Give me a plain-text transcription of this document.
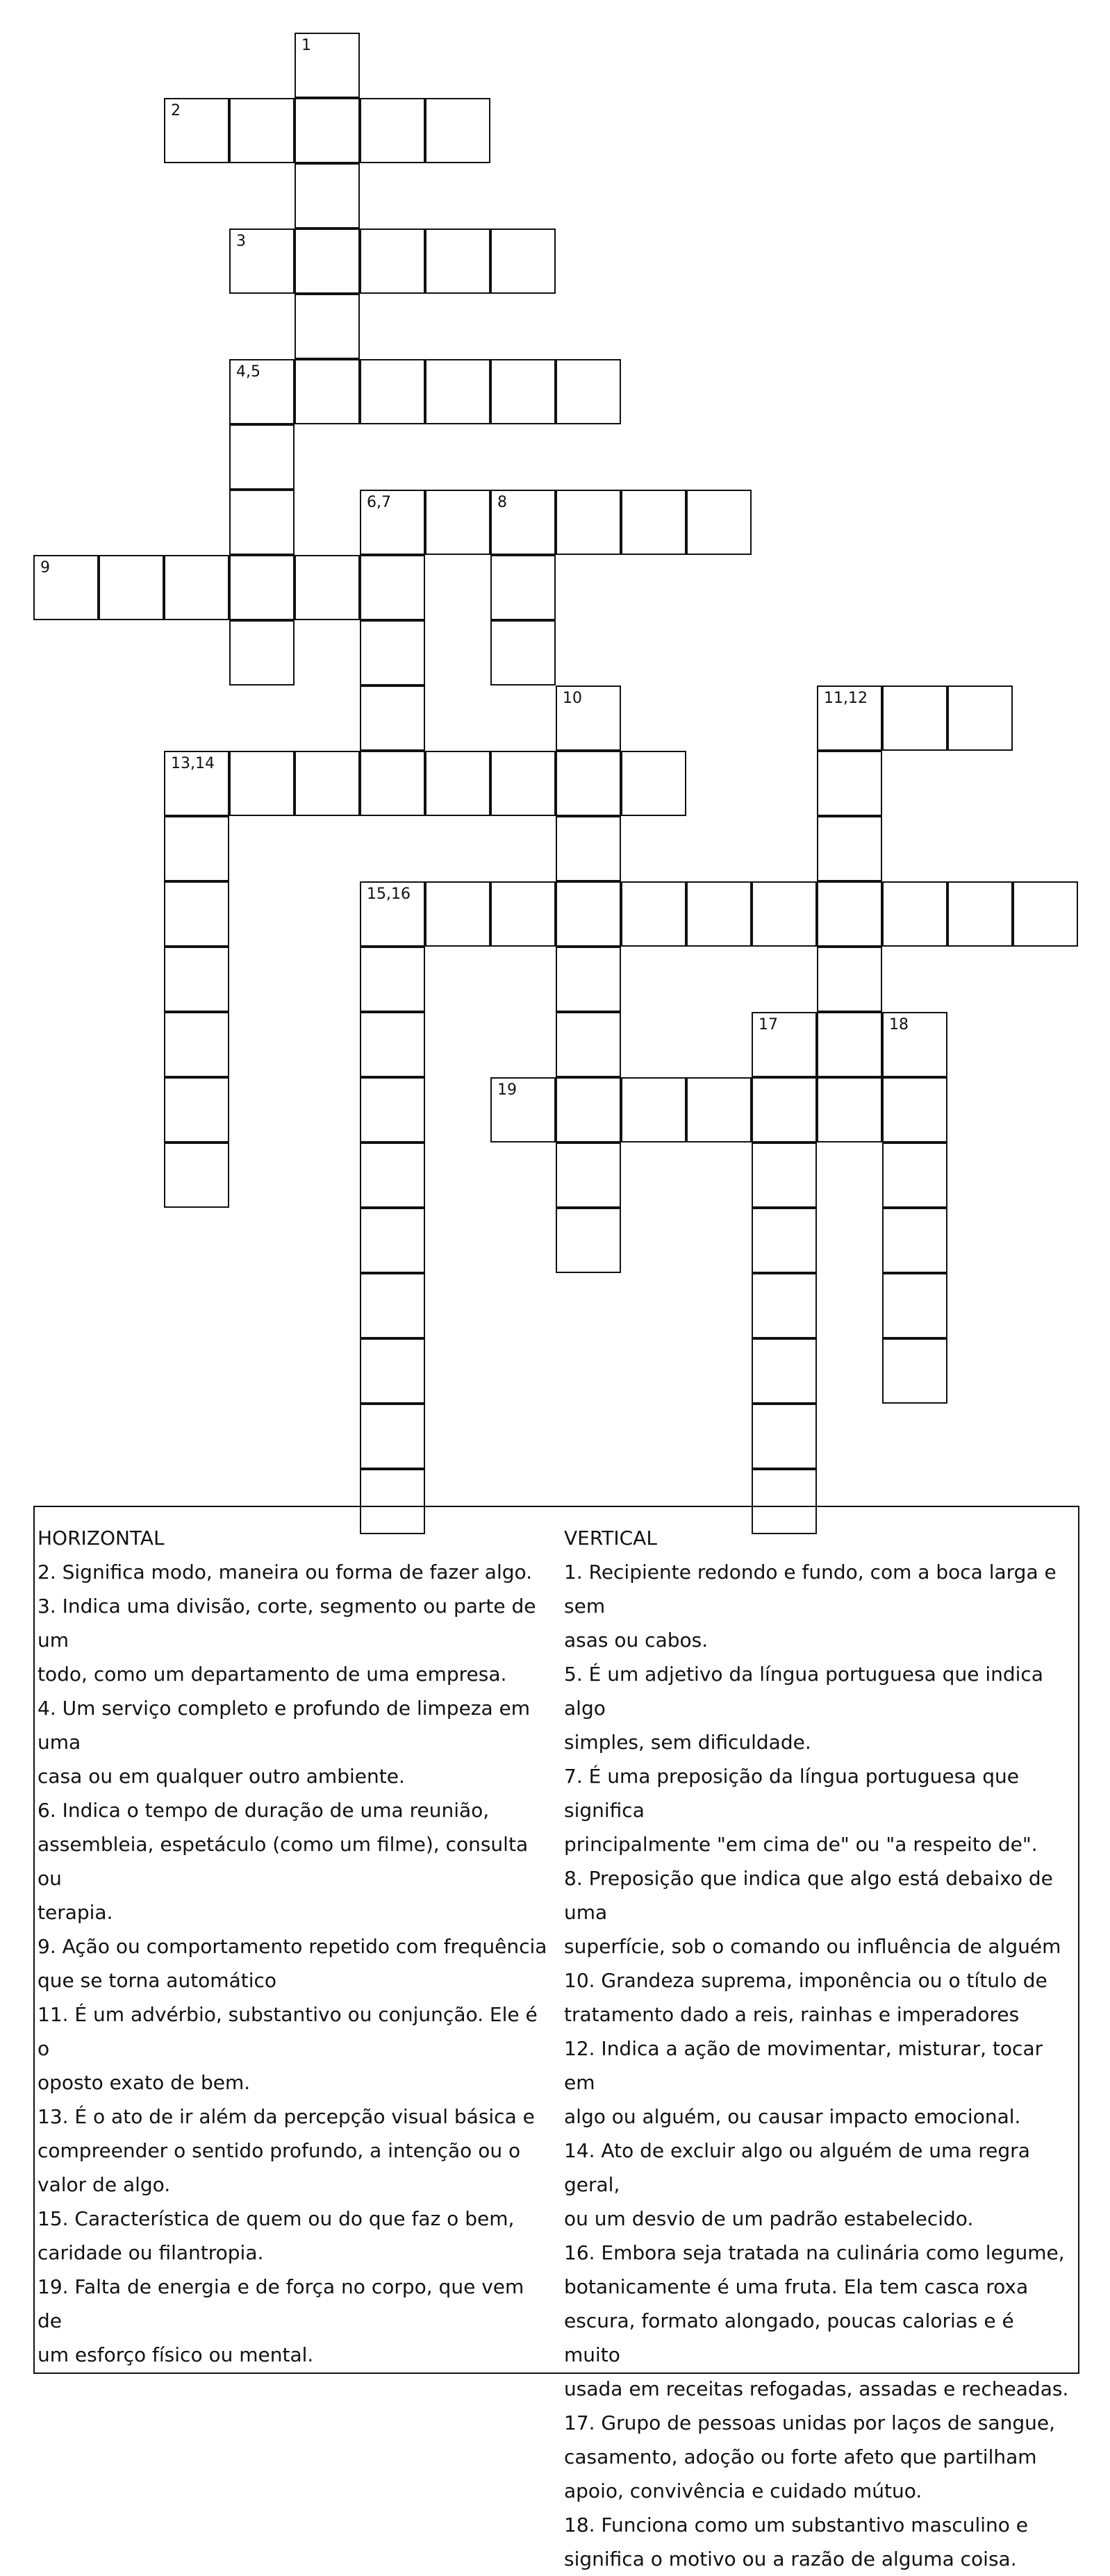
1
2
3
4,5
6,7	8
9
10	11,12
13,14
15,16
17	18
19
HORIZONTAL

2. Significa modo, maneira ou forma de fazer algo.

3. Indica uma divisão, corte, segmento ou parte de um

todo, como um departamento de uma empresa.

4. Um serviço completo e profundo de limpeza em uma

casa ou em qualquer outro ambiente.

6. Indica o tempo de duração de uma reunião,

assembleia, espetáculo (como um filme), consulta ou

terapia.

9. Ação ou comportamento repetido com frequência

que se torna automático

11. É um advérbio, substantivo ou conjunção. Ele é o

oposto exato de bem.

13. É o ato de ir além da percepção visual básica e

compreender o sentido profundo, a intenção ou o

valor de algo.

15. Característica de quem ou do que faz o bem,

caridade ou filantropia.

19. Falta de energia e de força no corpo, que vem de

um esforço físico ou mental.

VERTICAL

1. Recipiente redondo e fundo, com a boca larga e sem

asas ou cabos.

5. É um adjetivo da língua portuguesa que indica algo

simples, sem dificuldade.

7. É uma preposição da língua portuguesa que significa

principalmente "em cima de" ou "a respeito de".

8. Preposição que indica que algo está debaixo de uma

superfície, sob o comando ou influência de alguém

10. Grandeza suprema, imponência ou o título de

tratamento dado a reis, rainhas e imperadores

12. Indica a ação de movimentar, misturar, tocar em

algo ou alguém, ou causar impacto emocional.

14. Ato de excluir algo ou alguém de uma regra geral,

ou um desvio de um padrão estabelecido.

16. Embora seja tratada na culinária como legume,

botanicamente é uma fruta. Ela tem casca roxa

escura, formato alongado, poucas calorias e é muito

usada em receitas refogadas, assadas e recheadas.

17. Grupo de pessoas unidas por laços de sangue,

casamento, adoção ou forte afeto que partilham

apoio, convivência e cuidado mútuo.

18. Funciona como um substantivo masculino e

significa o motivo ou a razão de alguma coisa.
